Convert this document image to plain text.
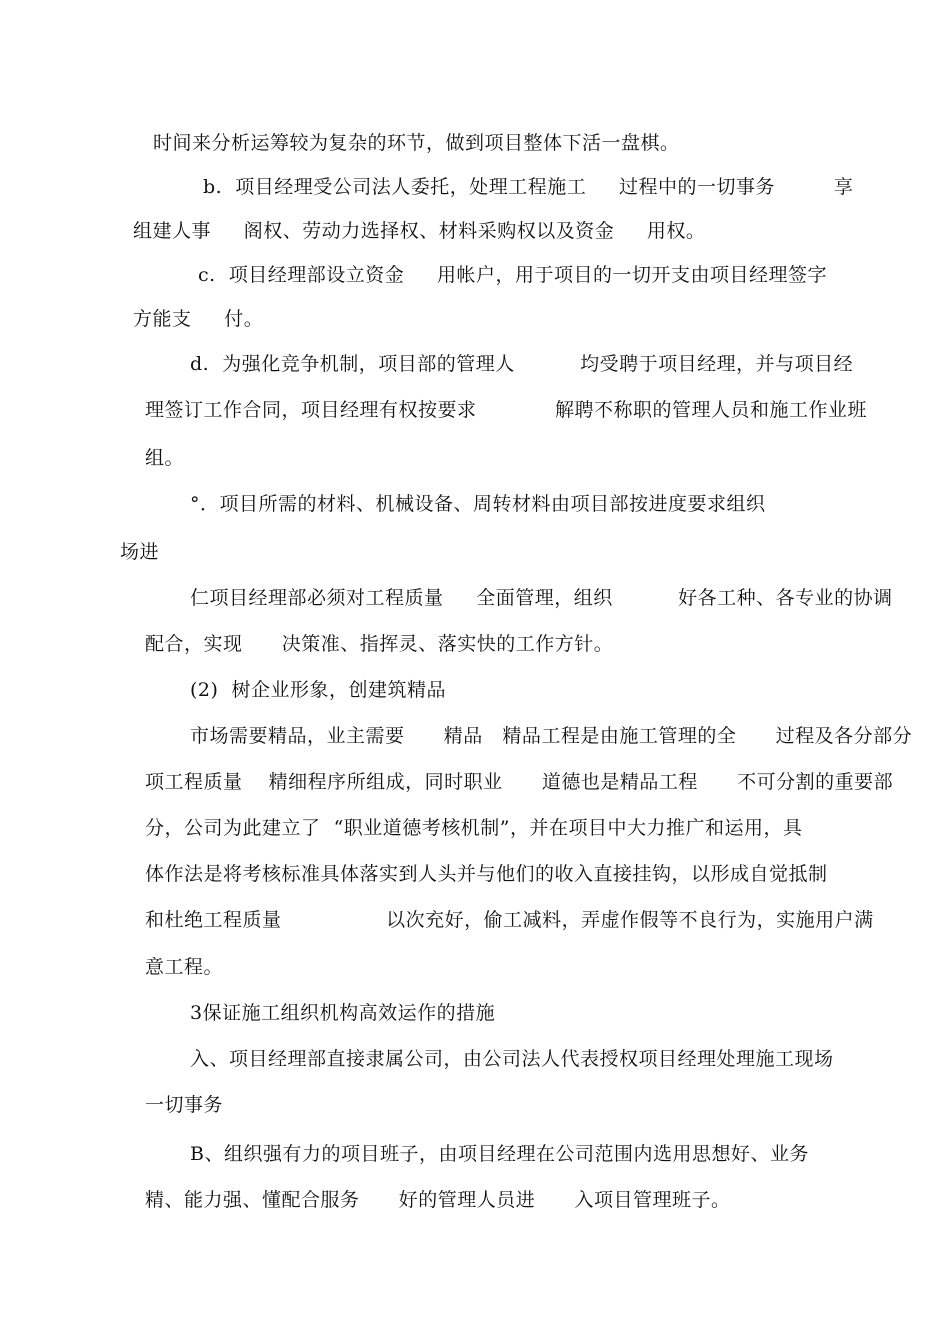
时间来分析运筹较为复杂的环节，做到项目整体下活一盘棋。
b.  项目经理受公司法人委托，处理工程施工     过程中的一切事务         享
组建人事     阁权、劳动力选择权、材料采购权以及资金     用权。
c.  项目经理部设立资金     用帐户，用于项目的一切开支由项目经理签字
方能支     付。
d.  为强化竞争机制，项目部的管理人          均受聘于项目经理，并与项目经
理签订工作合同，项目经理有权按要求            解聘不称职的管理人员和施工作业班
组。
°．项目所需的材料、机械设备、周转材料由项目部按进度要求组织
场进
仁项目经理部必须对工程质量     全面管理，组织          好各工种、各专业的协调
配合，实现      决策准、指挥灵、落实快的工作方针。
(2)  树企业形象，创建筑精品
市场需要精品，业主需要      精品   精品工程是由施工管理的全      过程及各分部分
项工程质量    精细程序所组成，同时职业      道德也是精品工程      不可分割的重要部
分，公司为此建立了  “职业道德考核机制”，并在项目中大力推广和运用，具
体作法是将考核标准具体落实到人头并与他们的收入直接挂钩，以形成自觉抵制
和杜绝工程质量                以次充好，偷工减料，弄虚作假等不良行为，实施用户满
意工程。
3保证施工组织机构高效运作的措施
入、项目经理部直接隶属公司，由公司法人代表授权项目经理处理施工现场
一切事务
B、组织强有力的项目班子，由项目经理在公司范围内选用思想好、业务
精、能力强、懂配合服务      好的管理人员进      入项目管理班子。
